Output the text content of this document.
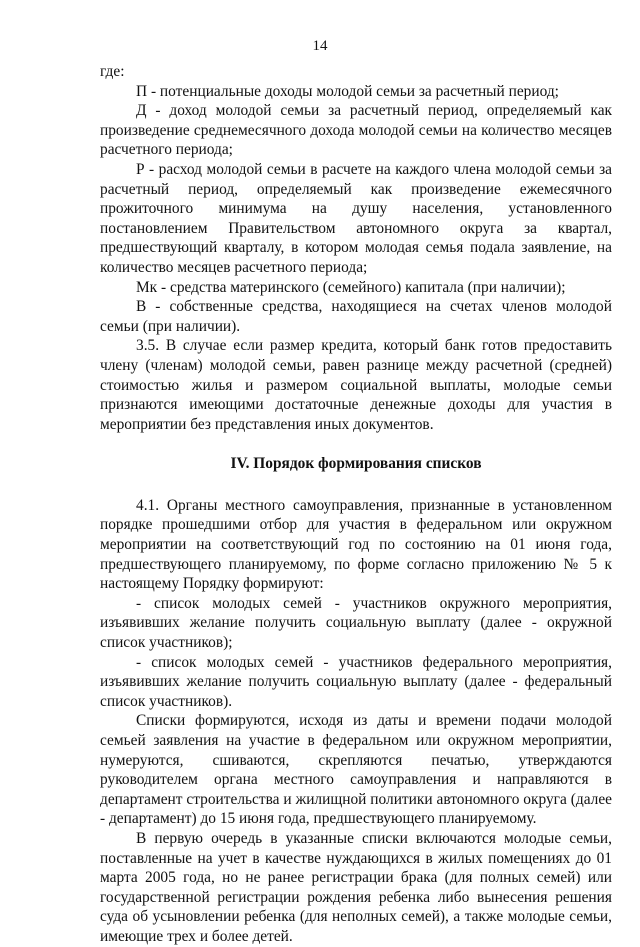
14

где:

П - потенциальные доходы молодой семьи за расчетный период;

Д - доход молодой семьи за расчетный период, определяемый как произведение среднемесячного дохода молодой семьи на количество месяцев расчетного периода;

Р - расход молодой семьи в расчете на каждого члена молодой семьи за расчетный период, определяемый как произведение ежемесячного прожиточного минимума на душу населения, установленного постановлением Правительством автономного округа за квартал, предшествующий кварталу, в котором молодая семья подала заявление, на количество месяцев расчетного периода;

Мк - средства материнского (семейного) капитала (при наличии);

В - собственные средства, находящиеся на счетах членов молодой семьи (при наличии).

3.5. В случае если размер кредита, который банк готов предоставить члену (членам) молодой семьи, равен разнице между расчетной (средней) стоимостью жилья и размером социальной выплаты, молодые семьи признаются имеющими достаточные денежные доходы для участия в мероприятии без представления иных документов.

IV. Порядок формирования списков

4.1. Органы местного самоуправления, признанные в установленном порядке прошедшими отбор для участия в федеральном или окружном мероприятии на соответствующий год по состоянию на 01 июня года, предшествующего планируемому, по форме согласно приложению № 5 к настоящему Порядку формируют:

- список молодых семей - участников окружного мероприятия, изъявивших желание получить социальную выплату (далее - окружной список участников);

- список молодых семей - участников федерального мероприятия, изъявивших желание получить социальную выплату (далее - федеральный список участников).

Списки формируются, исходя из даты и времени подачи молодой семьей заявления на участие в федеральном или окружном мероприятии, нумеруются, сшиваются, скрепляются печатью, утверждаются руководителем органа местного самоуправления и направляются в департамент строительства и жилищной политики автономного округа (далее - департамент) до 15 июня года, предшествующего планируемому.

В первую очередь в указанные списки включаются молодые семьи, поставленные на учет в качестве нуждающихся в жилых помещениях до 01 марта 2005 года, но не ранее регистрации брака (для полных семей) или государственной регистрации рождения ребенка либо вынесения решения суда об усыновлении ребенка (для неполных семей), а также молодые семьи, имеющие трех и более детей.
